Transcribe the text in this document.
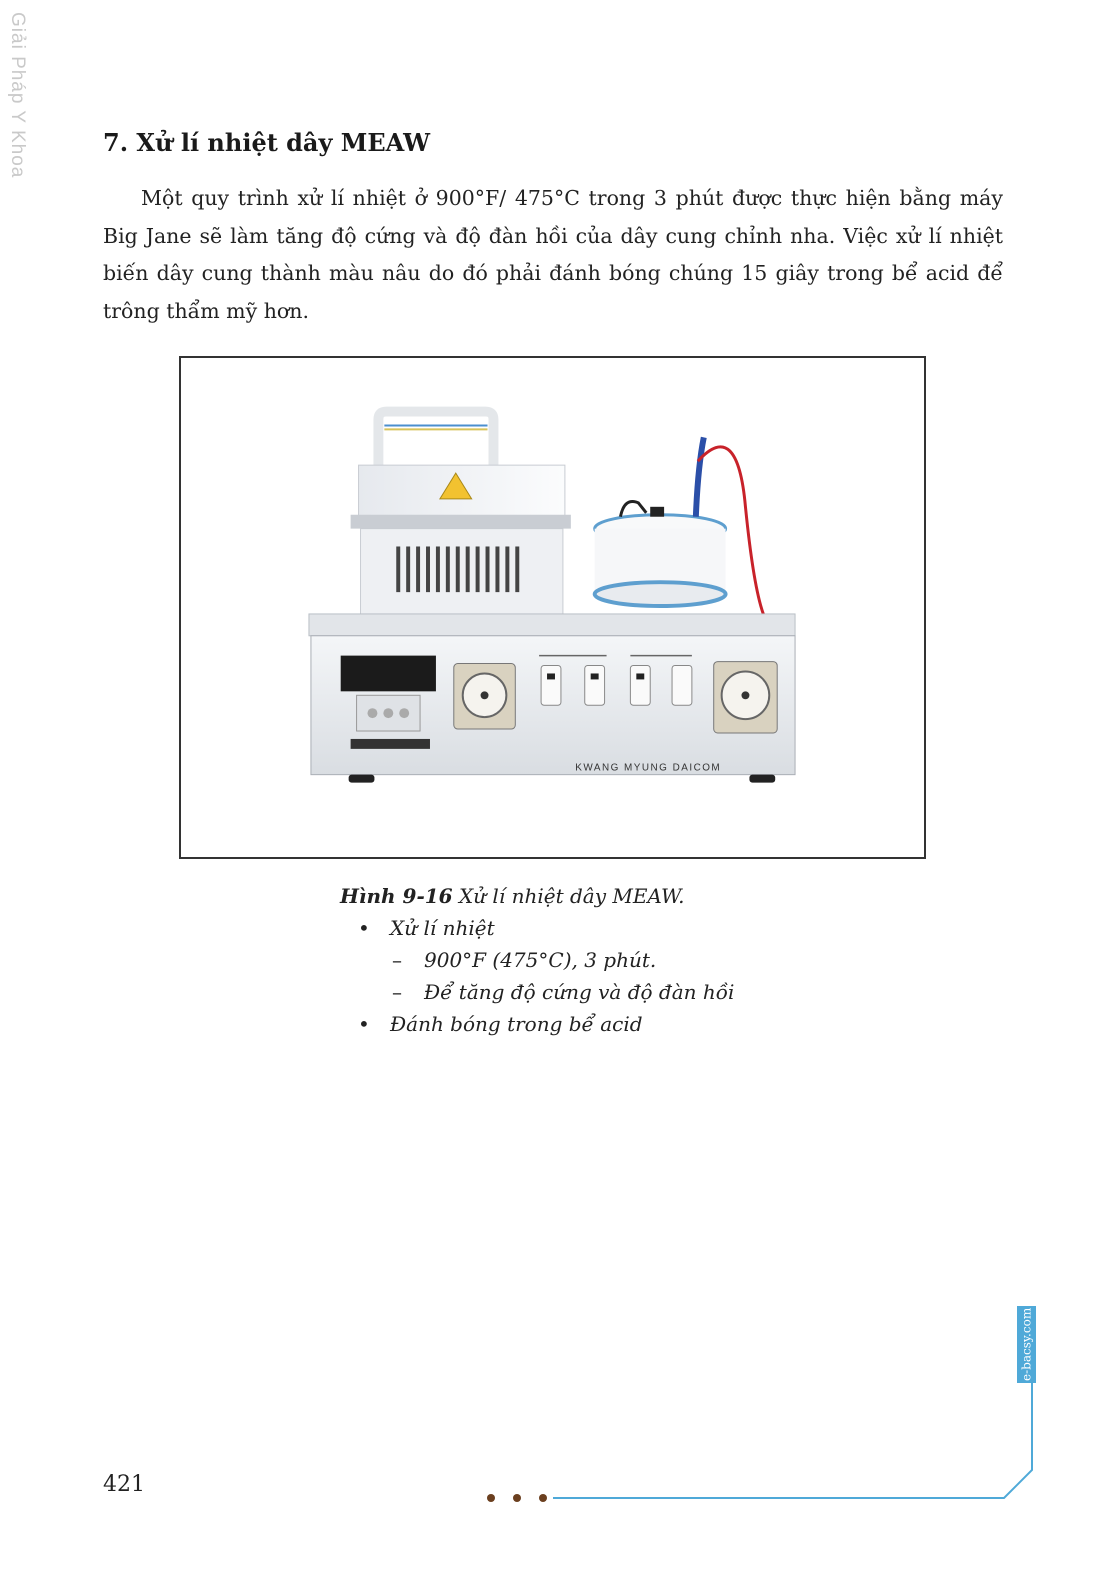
Giải Pháp Y Khoa	7. Xử lí nhiệt dây MEAW

Một quy trình xử lí nhiệt ở 900°F/ 475°C trong 3 phút được thực hiện bằng máy Big Jane sẽ làm tăng độ cứng và độ đàn hồi của dây cung chỉnh nha. Việc xử lí nhiệt biến dây cung thành màu nâu do đó phải đánh bóng chúng 15 giây trong bể acid để trông thẩm mỹ hơn.

KWANG MYUNG DAICOM
Hình 9-16 Xử lí nhiệt dây MEAW.
• Xử lí nhiệt
– 900°F (475°C), 3 phút.
– Để tăng độ cứng và độ đàn hồi
• Đánh bóng trong bể acid
421
e-bacsy.com
